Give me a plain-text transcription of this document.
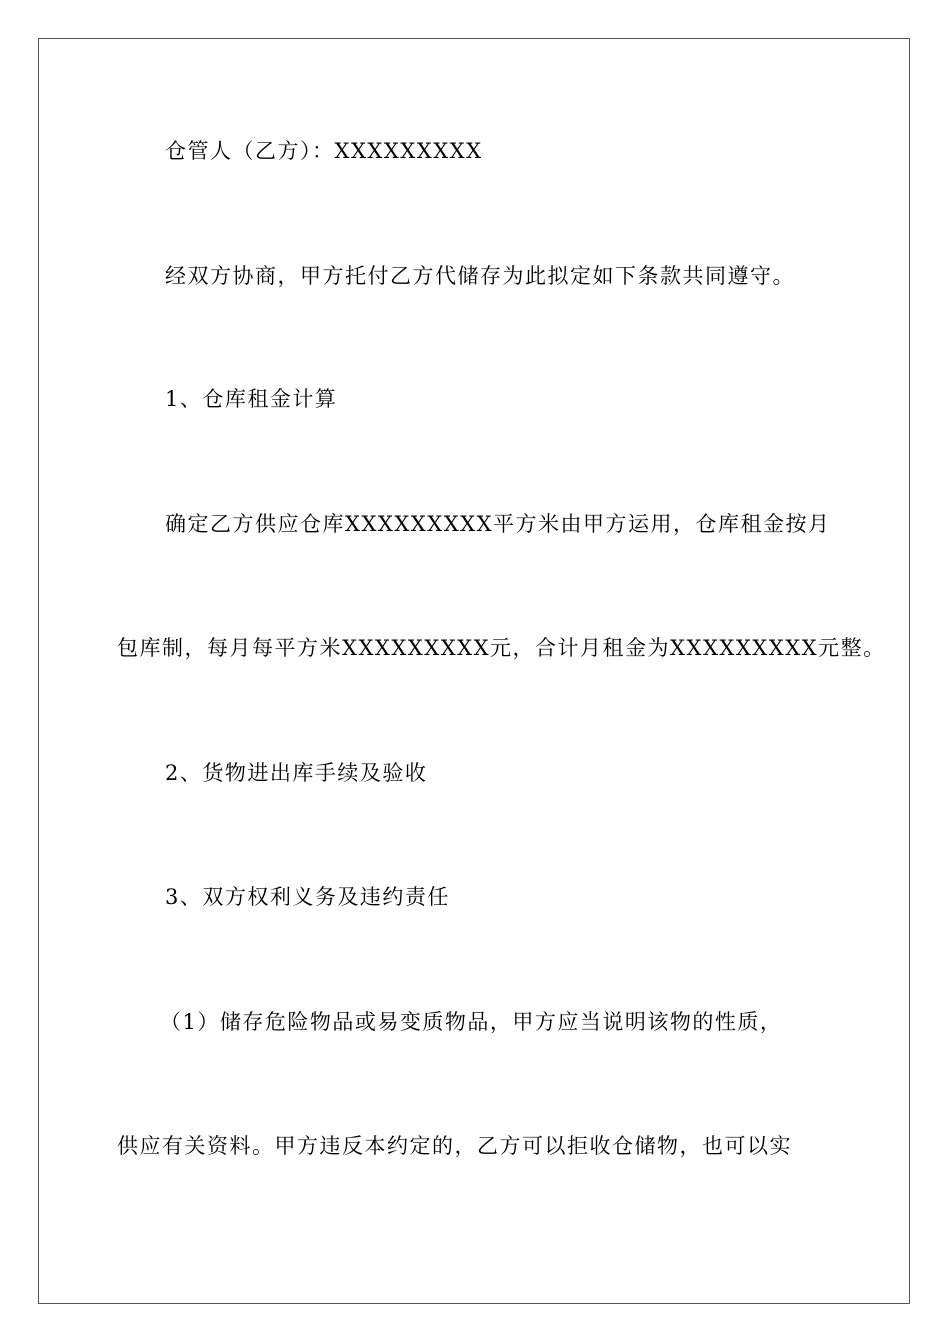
仓管人（乙方）：XXXXXXXXX
经双方协商，甲方托付乙方代储存为此拟定如下条款共同遵守。
1、仓库租金计算
确定乙方供应仓库XXXXXXXXX平方米由甲方运用，仓库租金按月
包库制，每月每平方米XXXXXXXXX元，合计月租金为XXXXXXXXX元整。
2、货物进出库手续及验收
3、双方权利义务及违约责任
（1）储存危险物品或易变质物品，甲方应当说明该物的性质，
供应有关资料。甲方违反本约定的，乙方可以拒收仓储物，也可以实
